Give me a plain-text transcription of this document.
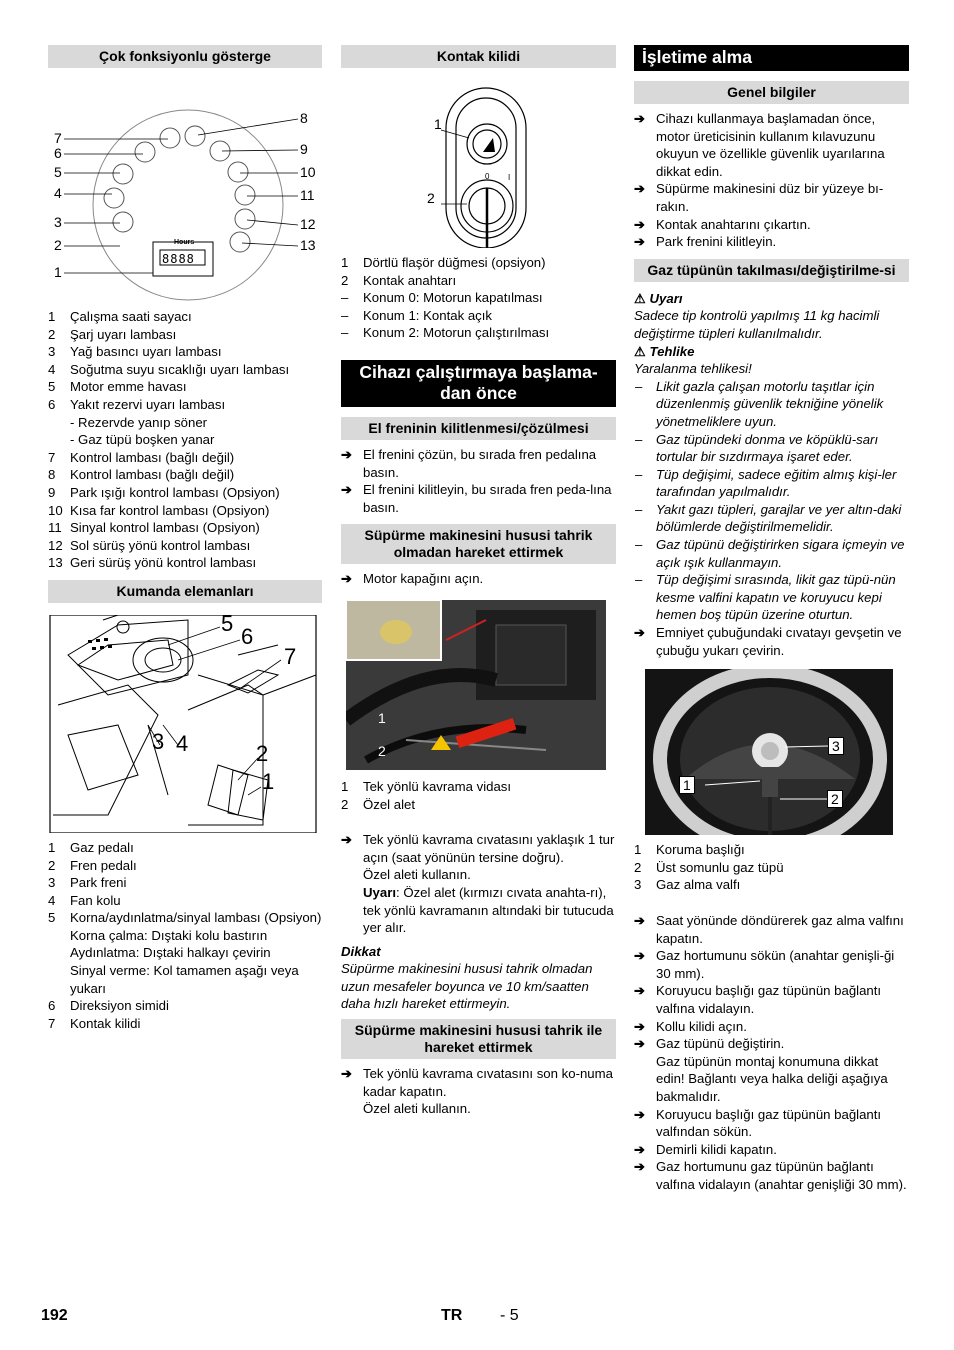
Çok fonksiyonlu gösterge
7
6
5
4
3
2
1
8
9
10
11
12
13
Hours
8888
1 Çalışma saati sayacı
2 Şarj uyarı lambası
3 Yağ basıncı uyarı lambası
4 Soğutma suyu sıcaklığı uyarı lambası
5 Motor emme havası
6 Yakıt rezervi uyarı lambası
- Rezervde yanıp söner
- Gaz tüpü boşken yanar
7 Kontrol lambası (bağlı değil)
8 Kontrol lambası (bağlı değil)
9 Park ışığı kontrol lambası (Opsiyon)
10 Kısa far kontrol lambası (Opsiyon)
11 Sinyal kontrol lambası (Opsiyon)
12 Sol sürüş yönü kontrol lambası
13 Geri sürüş yönü kontrol lambası
Kumanda elemanları
5
6
7
3 4	2
1
1 Gaz pedalı
2 Fren pedalı
3 Park freni
4 Fan kolu
5 Korna/aydınlatma/sinyal lambası (Opsiyon)
Korna çalma: Dıştaki kolu bastırın
Aydınlatma: Dıştaki halkayı çevirin
Sinyal verme: Kol tamamen aşağı veya yukarı
6 Direksiyon simidi
7 Kontak kilidi
Kontak kilidi
0 I
1
2
1 Dörtlü flaşör düğmesi (opsiyon)
2 Kontak anahtarı
– Konum 0: Motorun kapatılması
– Konum 1: Kontak açık
– Konum 2: Motorun çalıştırılması
Cihazı çalıştırmaya başlama-dan önce
El freninin kilitlenmesi/çözülmesi
➔ El frenini çözün, bu sırada fren pedalına basın.
➔ El frenini kilitleyin, bu sırada fren peda-lına basın.
Süpürme makinesini hususi tahrik olmadan hareket ettirmek
➔ Motor kapağını açın.
1
2
1 Tek yönlü kavrama vidası
2 Özel alet
➔ Tek yönlü kavrama cıvatasını yaklaşık 1 tur açın (saat yönünün tersine doğru).
Özel aleti kullanın.
Uyarı: Özel alet (kırmızı cıvata anahta-rı), tek yönlü kavramanın altındaki bir tutucuda yer alır.
Dikkat
Süpürme makinesini hususi tahrik olmadan uzun mesafeler boyunca ve 10 km/saatten daha hızlı hareket ettirmeyin.
Süpürme makinesini hususi tahrik ile hareket ettirmek
➔ Tek yönlü kavrama cıvatasını son ko-numa kadar kapatın.
Özel aleti kullanın.
İşletime alma
Genel bilgiler
➔ Cihazı kullanmaya başlamadan önce, motor üreticisinin kullanım kılavuzunu okuyun ve özellikle güvenlik uyarılarına dikkat edin.
➔ Süpürme makinesini düz bir yüzeye bı-rakın.
➔ Kontak anahtarını çıkartın.
➔ Park frenini kilitleyin.
Gaz tüpünün takılması/değiştirilme-si
⚠ Uyarı
Sadece tip kontrolü yapılmış 11 kg hacimli değiştirme tüpleri kullanılmalıdır.
⚠ Tehlike
Yaralanma tehlikesi!
– Likit gazla çalışan motorlu taşıtlar için düzenlenmiş güvenlik tekniğine yönelik yönetmeliklere uyun.
– Gaz tüpündeki donma ve köpüklü-sarı tortular bir sızdırmaya işaret eder.
– Tüp değişimi, sadece eğitim almış kişi-ler tarafından yapılmalıdır.
– Yakıt gazı tüpleri, garajlar ve yer altın-daki bölümlerde değiştirilmemelidir.
– Gaz tüpünü değiştirirken sigara içmeyin ve açık ışık kullanmayın.
– Tüp değişimi sırasında, likit gaz tüpü-nün kesme valfini kapatın ve koruyucu kepi hemen boş tüpün üzerine oturtun.
➔ Emniyet çubuğundaki cıvatayı gevşetin ve çubuğu yukarı çevirin.
3
1
2
1 Koruma başlığı
2 Üst somunlu gaz tüpü
3 Gaz alma valfı
➔ Saat yönünde döndürerek gaz alma valfını kapatın.
➔ Gaz hortumunu sökün (anahtar genişli-ği 30 mm).
➔ Koruyucu başlığı gaz tüpünün bağlantı valfına vidalayın.
➔ Kollu kilidi açın.
➔ Gaz tüpünü değiştirin.
Gaz tüpünün montaj konumuna dikkat edin! Bağlantı veya halka deliği aşağıya bakmalıdır.
➔ Koruyucu başlığı gaz tüpünün bağlantı valfından sökün.
➔ Demirli kilidi kapatın.
➔ Gaz hortumunu gaz tüpünün bağlantı valfına vidalayın (anahtar genişliği 30 mm).
192	TR - 5
